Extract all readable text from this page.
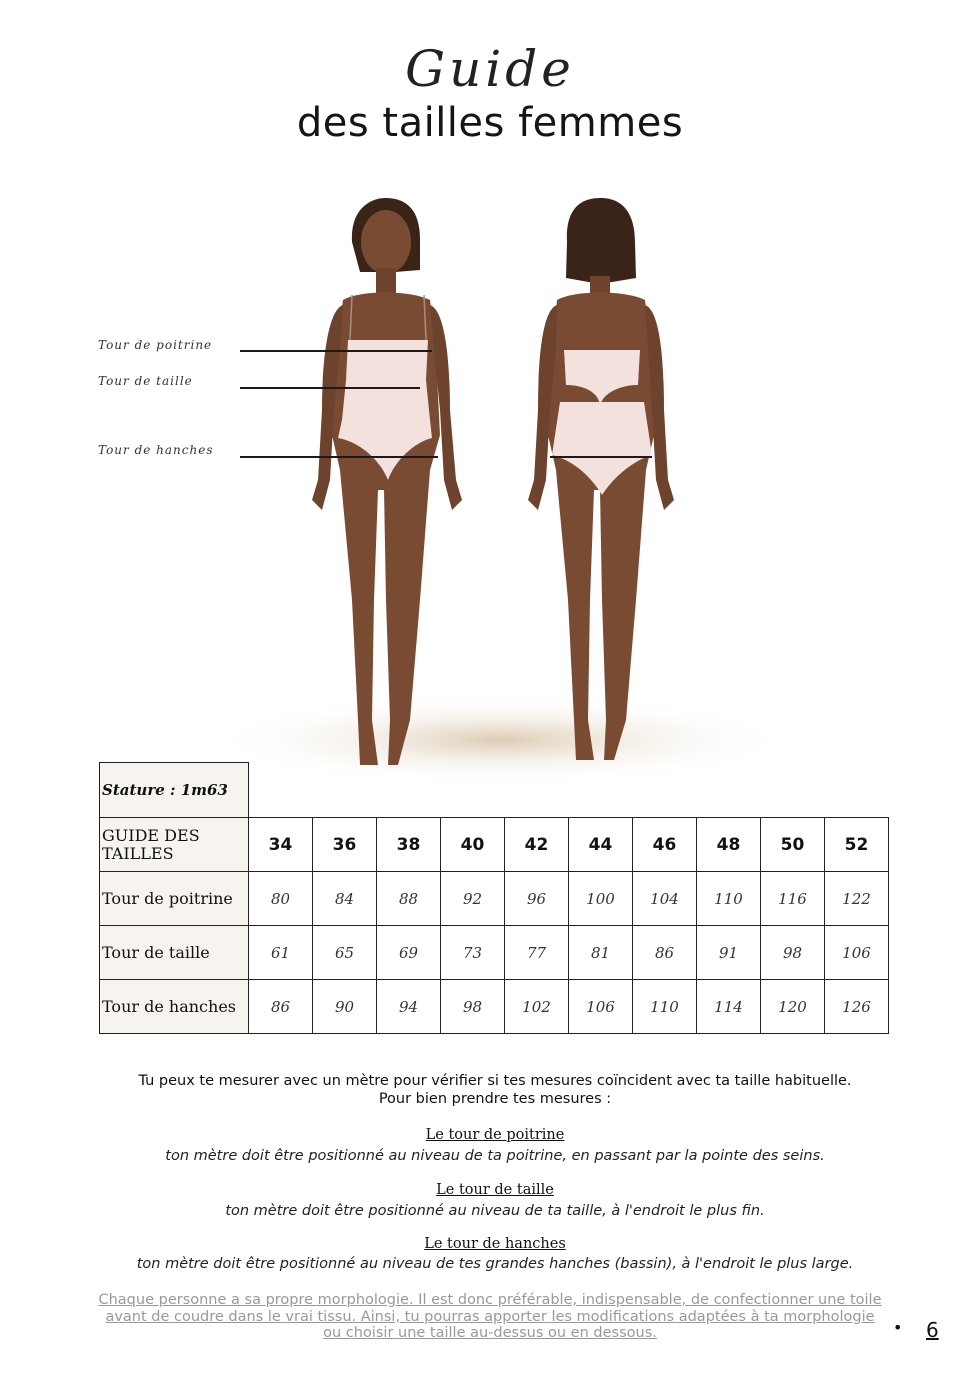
Guide
des tailles femmes
Tour de poitrine
Tour de taille
Tour de hanches
Stature : 1m63										
GUIDE DES TAILLES	34	36	38	40	42	44	46	48	50	52
Tour de poitrine	80	84	88	92	96	100	104	110	116	122
Tour de taille	61	65	69	73	77	81	86	91	98	106
Tour de hanches	86	90	94	98	102	106	110	114	120	126
Tu peux te mesurer avec un mètre pour vérifier si tes mesures coïncident avec ta taille habituelle.
Pour bien prendre tes mesures :
Le tour de poitrine
ton mètre doit être positionné au niveau de ta poitrine, en passant par la pointe des seins.
Le tour de taille
ton mètre doit être positionné au niveau de ta taille, à l'endroit le plus fin.
Le tour de hanches
ton mètre doit être positionné au niveau de tes grandes hanches (bassin), à l'endroit le plus large.
Chaque personne a sa propre morphologie. Il est donc préférable, indispensable, de confectionner une toile
avant de coudre dans le vrai tissu. Ainsi, tu pourras apporter les modifications adaptées à ta morphologie
ou choisir une taille au-dessus ou en dessous.	• 6
